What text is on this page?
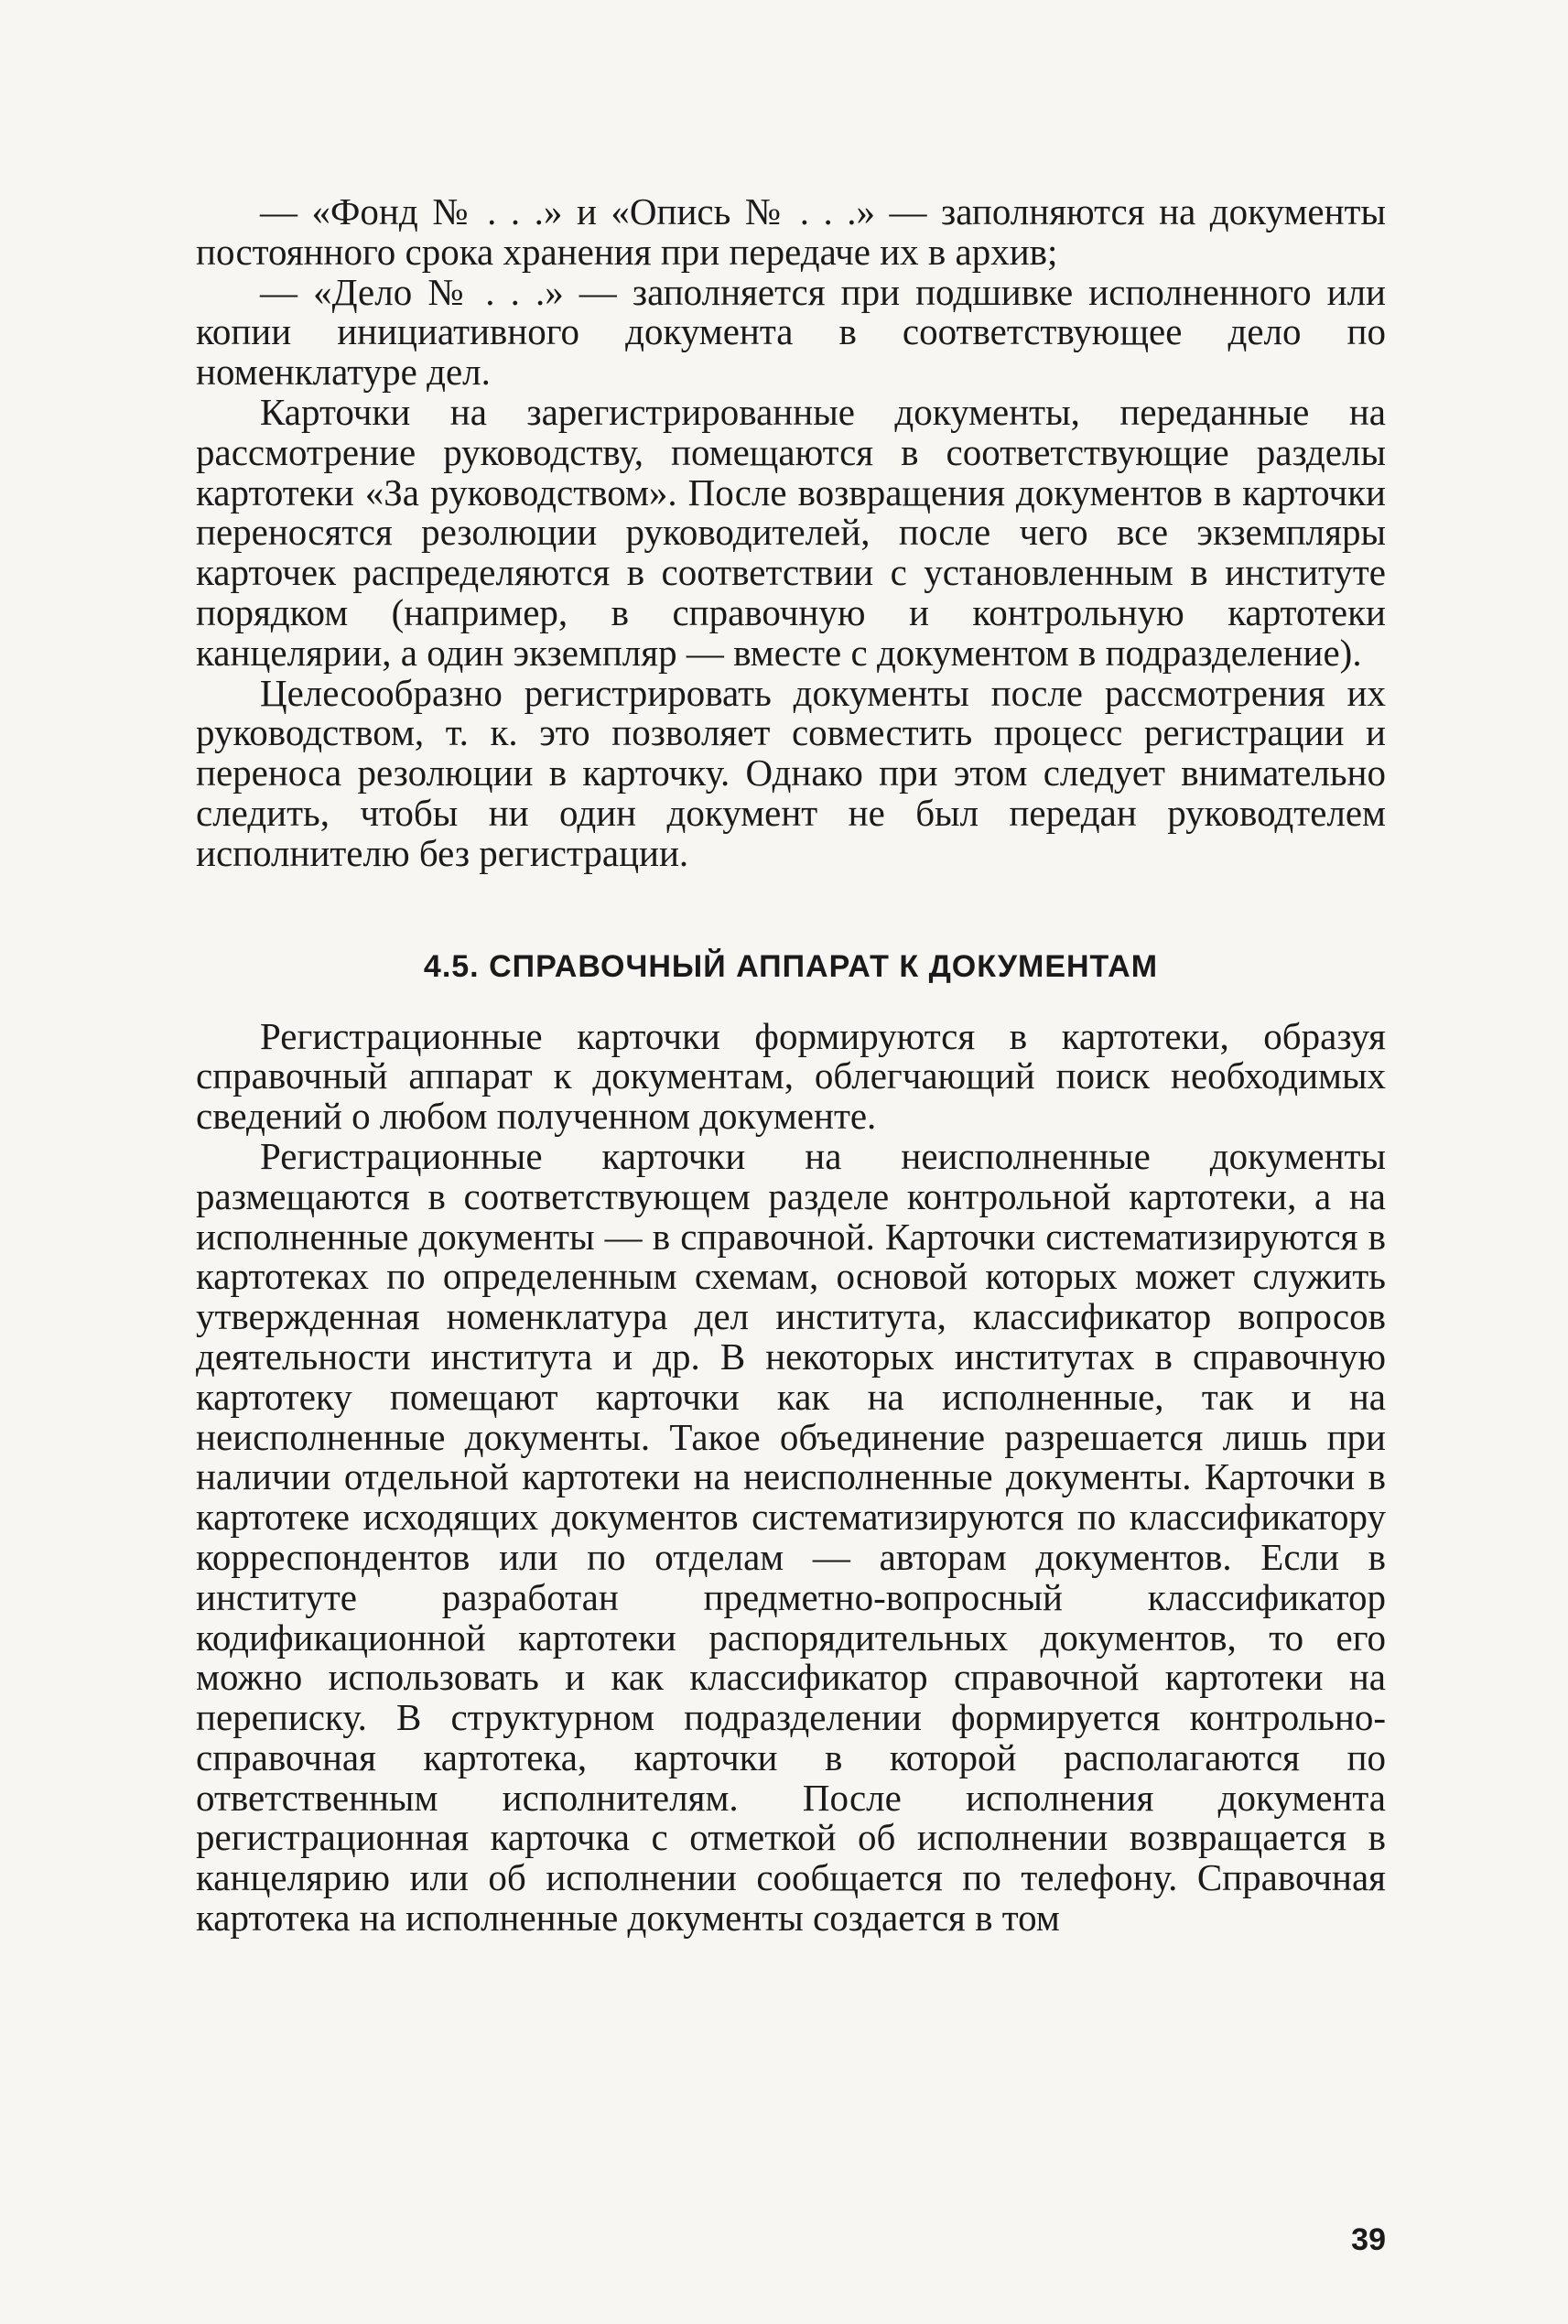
— «Фонд № . . .» и «Опись № . . .» — заполняются на документы постоянного срока хранения при передаче их в архив;

— «Дело № . . .» — заполняется при подшивке исполненного или копии инициативного документа в соответствующее дело по номенклатуре дел.

Карточки на зарегистрированные документы, переданные на рассмотрение руководству, помещаются в соответствующие разделы картотеки «За руководством». После возвращения документов в карточки переносятся резолюции руководителей, после чего все экземпляры карточек распределяются в соответствии с установленным в институте порядком (например, в справочную и контрольную картотеки канцелярии, а один экземпляр — вместе с документом в подразделение).

Целесообразно регистрировать документы после рассмотрения их руководством, т. к. это позволяет совместить процесс регистрации и переноса резолюции в карточку. Однако при этом следует внимательно следить, чтобы ни один документ не был передан руководтелем исполнителю без регистрации.

4.5. СПРАВОЧНЫЙ АППАРАТ К ДОКУМЕНТАМ

Регистрационные карточки формируются в картотеки, образуя справочный аппарат к документам, облегчающий поиск необходимых сведений о любом полученном документе.

Регистрационные карточки на неисполненные документы размещаются в соответствующем разделе контрольной картотеки, а на исполненные документы — в справочной. Карточки систематизируются в картотеках по определенным схемам, основой которых может служить утвержденная номенклатура дел института, классификатор вопросов деятельности института и др. В некоторых институтах в справочную картотеку помещают карточки как на исполненные, так и на неисполненные документы. Такое объединение разрешается лишь при наличии отдельной картотеки на неисполненные документы. Карточки в картотеке исходящих документов систематизируются по классификатору корреспондентов или по отделам — авторам документов. Если в институте разработан предметно-вопросный классификатор кодификационной картотеки распорядительных документов, то его можно использовать и как классификатор справочной картотеки на переписку. В структурном подразделении формируется контрольно-справочная картотека, карточки в которой располагаются по ответственным исполнителям. После исполнения документа регистрационная карточка с отметкой об исполнении возвращается в канцелярию или об исполнении сообщается по телефону. Справочная картотека на исполненные документы создается в том

39
